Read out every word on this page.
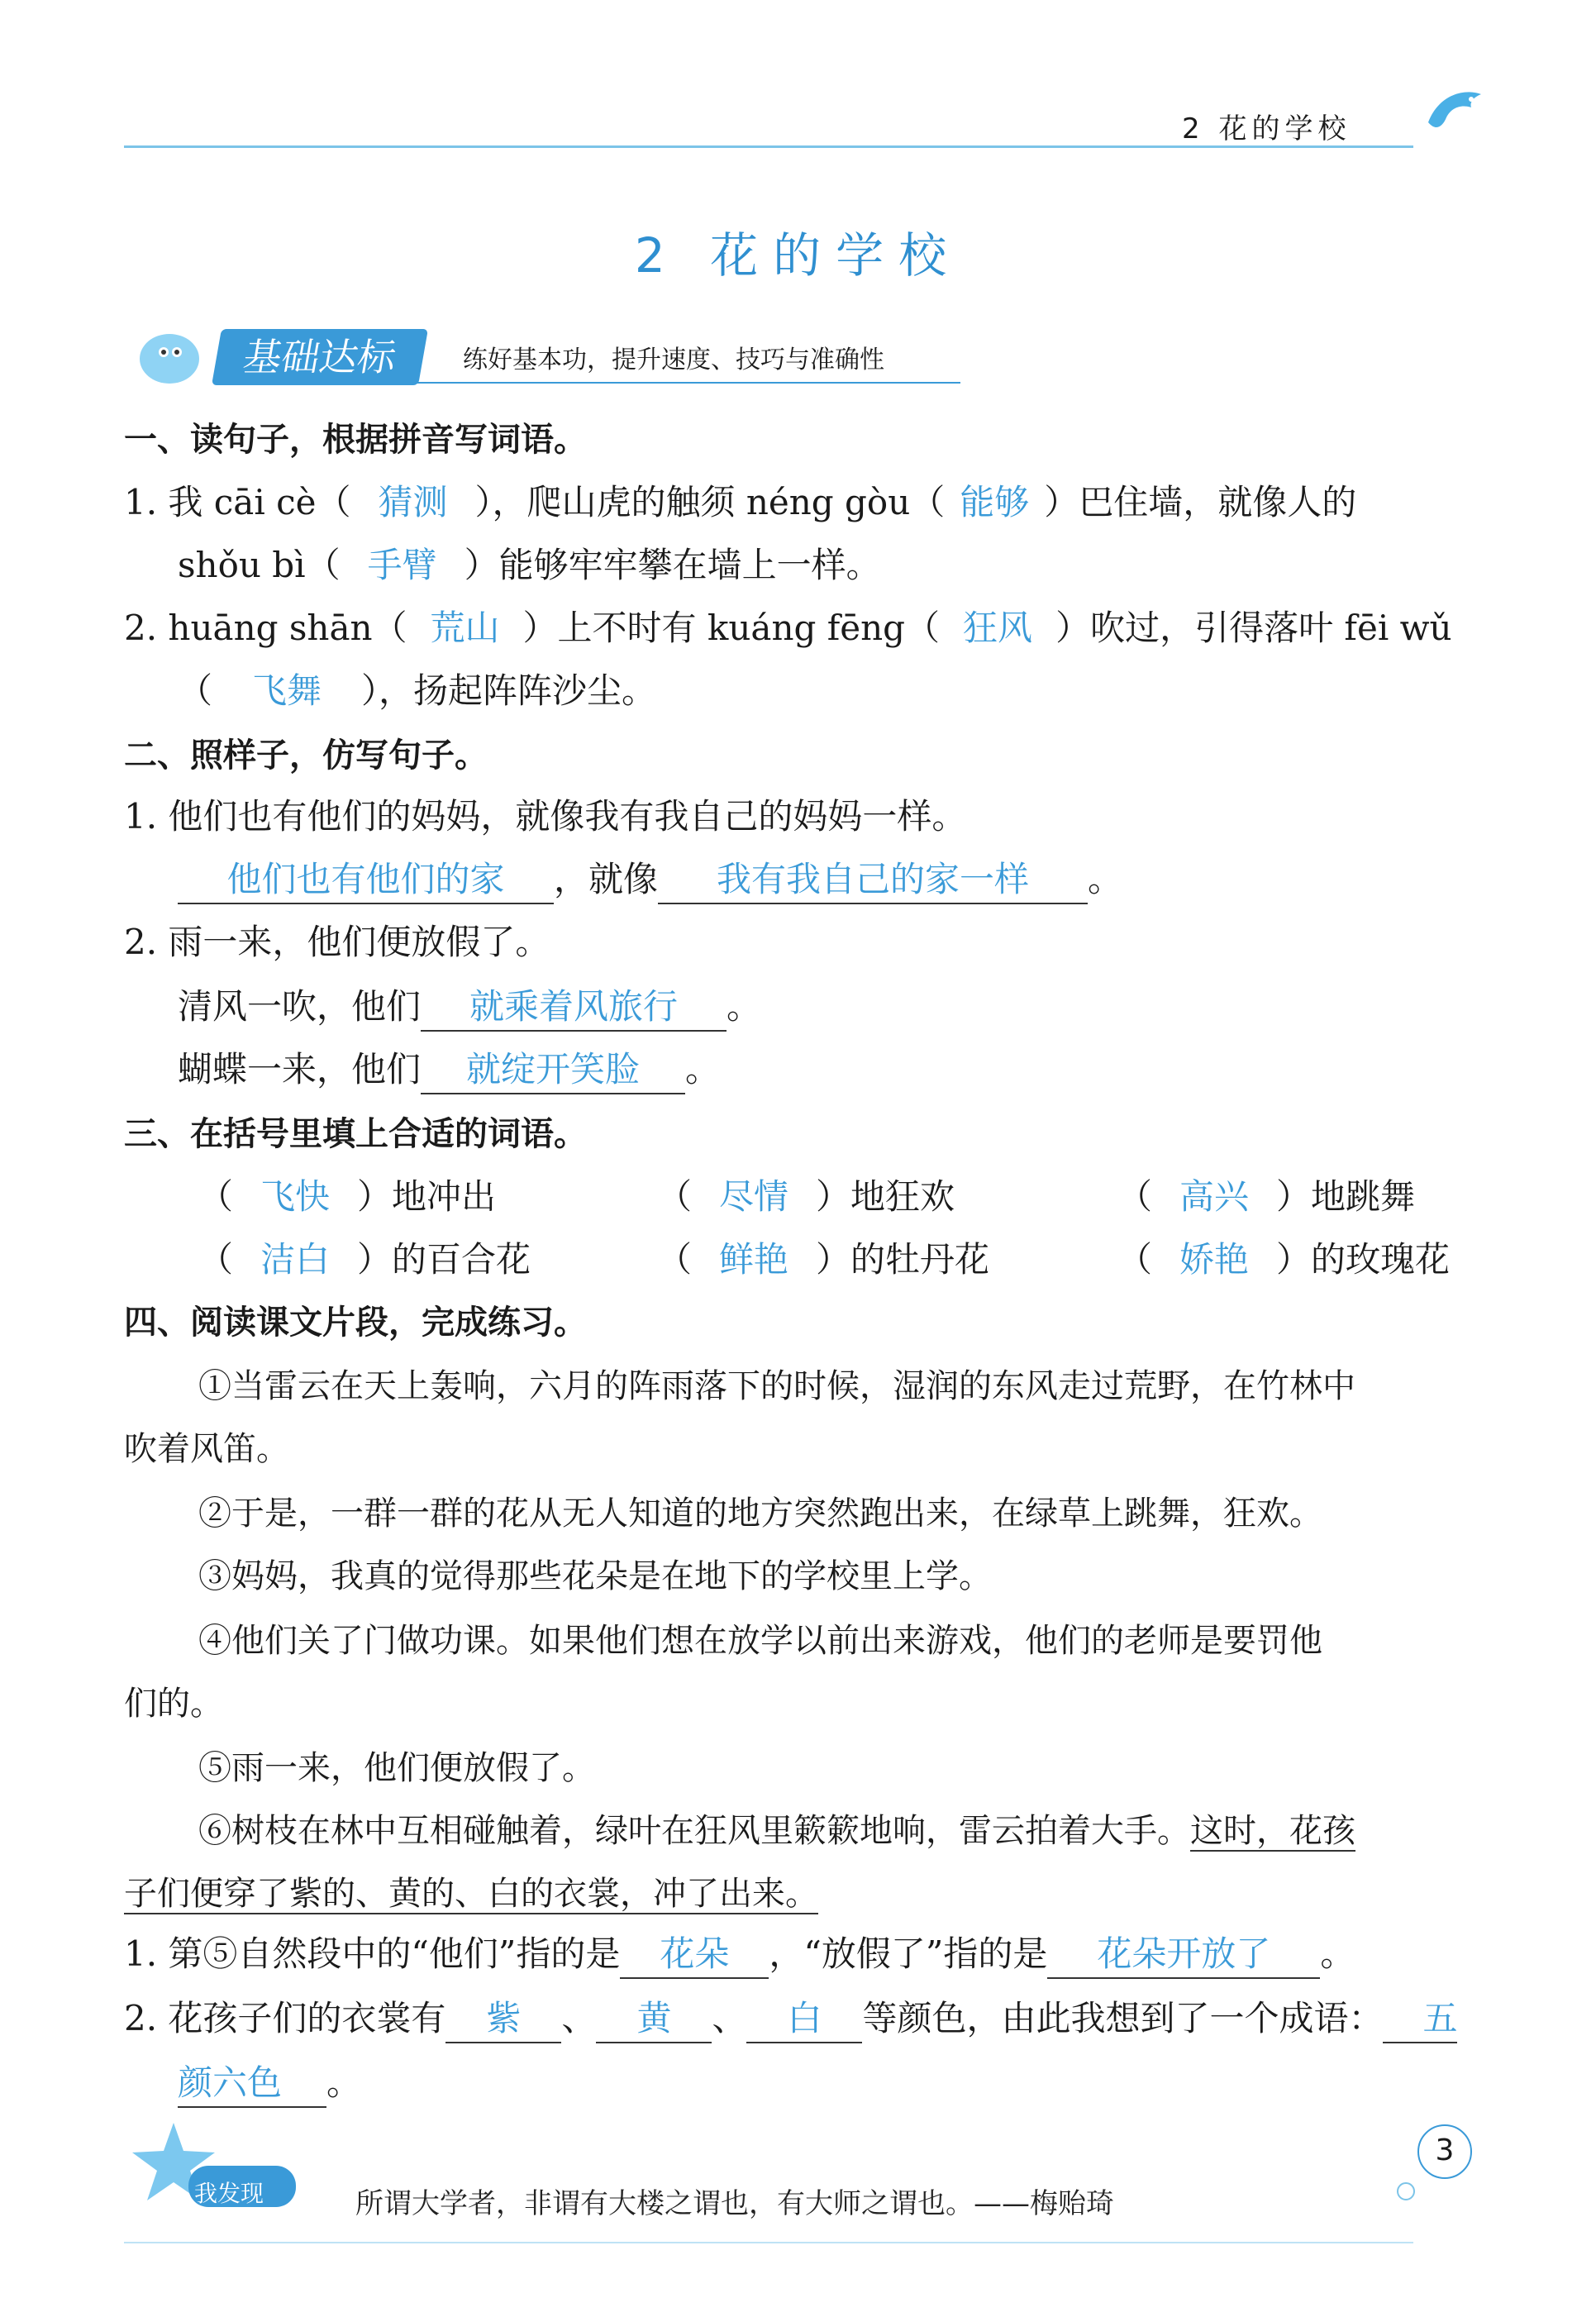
2 花的学校
2 花的学校
基础达标	练好基本功，提升速度、技巧与准确性
一、读句子，根据拼音写词语。
1. 我 cāi cè（ 猜测 ），爬山虎的触须 néng gòu（ 能够 ）巴住墙，就像人的
shǒu bì（ 手臂 ）能够牢牢攀在墙上一样。
2. huāng shān（ 荒山 ）上不时有 kuáng fēng（ 狂风 ）吹过，引得落叶 fēi wǔ
（ 飞舞 ），扬起阵阵沙尘。
二、照样子，仿写句子。
1. 他们也有他们的妈妈，就像我有我自己的妈妈一样。
他们也有他们的家 ，就像 我有我自己的家一样 。
2. 雨一来，他们便放假了。
清风一吹，他们 就乘着风旅行 。
蝴蝶一来，他们 就绽开笑脸 。
三、在括号里填上合适的词语。
（ 飞快 ）地冲出	（ 尽情 ）地狂欢	（ 高兴 ）地跳舞
（ 洁白 ）的百合花	（ 鲜艳 ）的牡丹花	（ 娇艳 ）的玫瑰花
四、阅读课文片段，完成练习。
①当雷云在天上轰响，六月的阵雨落下的时候，湿润的东风走过荒野，在竹林中
吹着风笛。
②于是，一群一群的花从无人知道的地方突然跑出来，在绿草上跳舞，狂欢。
③妈妈，我真的觉得那些花朵是在地下的学校里上学。
④他们关了门做功课。如果他们想在放学以前出来游戏，他们的老师是要罚他
们的。
⑤雨一来，他们便放假了。
⑥树枝在林中互相碰触着，绿叶在狂风里簌簌地响，雷云拍着大手。这时，花孩
子们便穿了紫的、黄的、白的衣裳，冲了出来。
1. 第⑤自然段中的“他们”指的是 花朵 ，“放假了”指的是 花朵开放了 。
2. 花孩子们的衣裳有 紫 、 黄 、 白 等颜色，由此我想到了一个成语： 五
颜六色 。
我发现	所谓大学者，非谓有大楼之谓也，有大师之谓也。——梅贻琦
3
